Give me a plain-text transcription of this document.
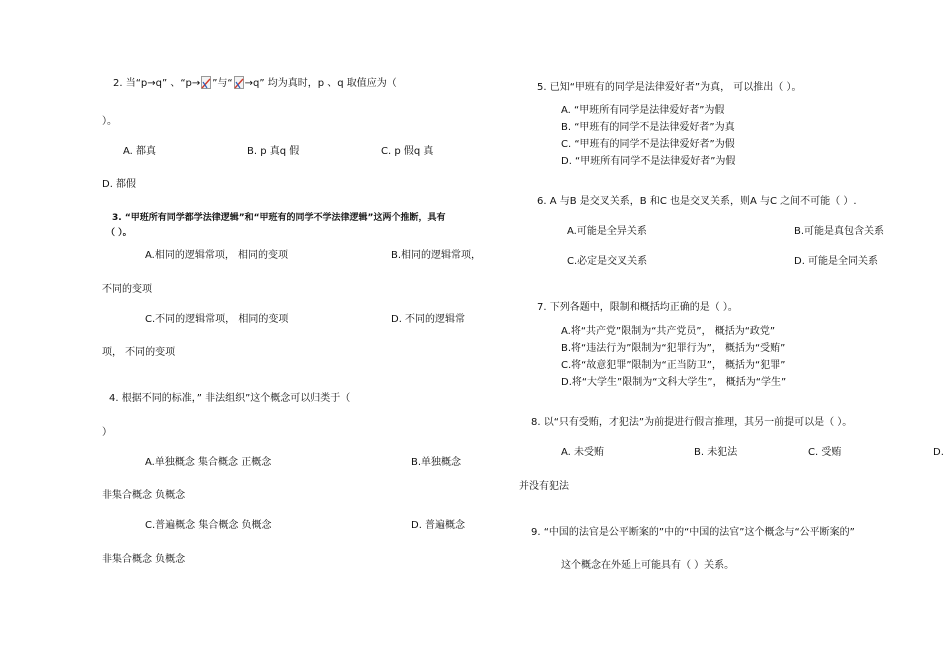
2. 当“p→q” 、“p→ ”与“ →q” 均为真时，p 、q 取值应为（
）。
A. 都真	B. p 真q 假	C. p 假q 真
D. 都假
3. “甲班所有同学都学法律逻辑”和“甲班有的同学不学法律逻辑”这两个推断，具有
（ ）。
A.相同的逻辑常项， 相同的变项	B.相同的逻辑常项，
不同的变项
C.不同的逻辑常项， 相同的变项	D. 不同的逻辑常
项， 不同的变项
4. 根据不同的标准，” 非法组织”这个概念可以归类于（
）
A.单独概念 集合概念 正概念	B.单独概念
非集合概念 负概念
C.普遍概念 集合概念 负概念	D. 普遍概念
非集合概念 负概念
5. 已知“甲班有的同学是法律爱好者”为真， 可以推出（ ）。
A. “甲班所有同学是法律爱好者”为假
B. “甲班有的同学不是法律爱好者”为真
C. “甲班有的同学不是法律爱好者”为假
D. “甲班所有同学不是法律爱好者”为假
6. A 与B 是交叉关系，B 和C 也是交叉关系，则A 与C 之间不可能（ ）.
A.可能是全异关系	B.可能是真包含关系
C.必定是交叉关系	D. 可能是全同关系
7. 下列各题中，限制和概括均正确的是（ ）。
A.将“共产党”限制为“共产党员”， 概括为“政党”
B.将“违法行为”限制为“犯罪行为”， 概括为“受贿”
C.将“故意犯罪”限制为“正当防卫”， 概括为“犯罪”
D.将“大学生”限制为“文科大学生”， 概括为“学生”
8. 以“只有受贿，才犯法”为前提进行假言推理，其另一前提可以是（ ）。
A. 未受贿	B. 未犯法	C. 受贿	D.
并没有犯法
9. “中国的法官是公平断案的”中的“中国的法官”这个概念与“公平断案的”
这个概念在外延上可能具有（ ）关系。
